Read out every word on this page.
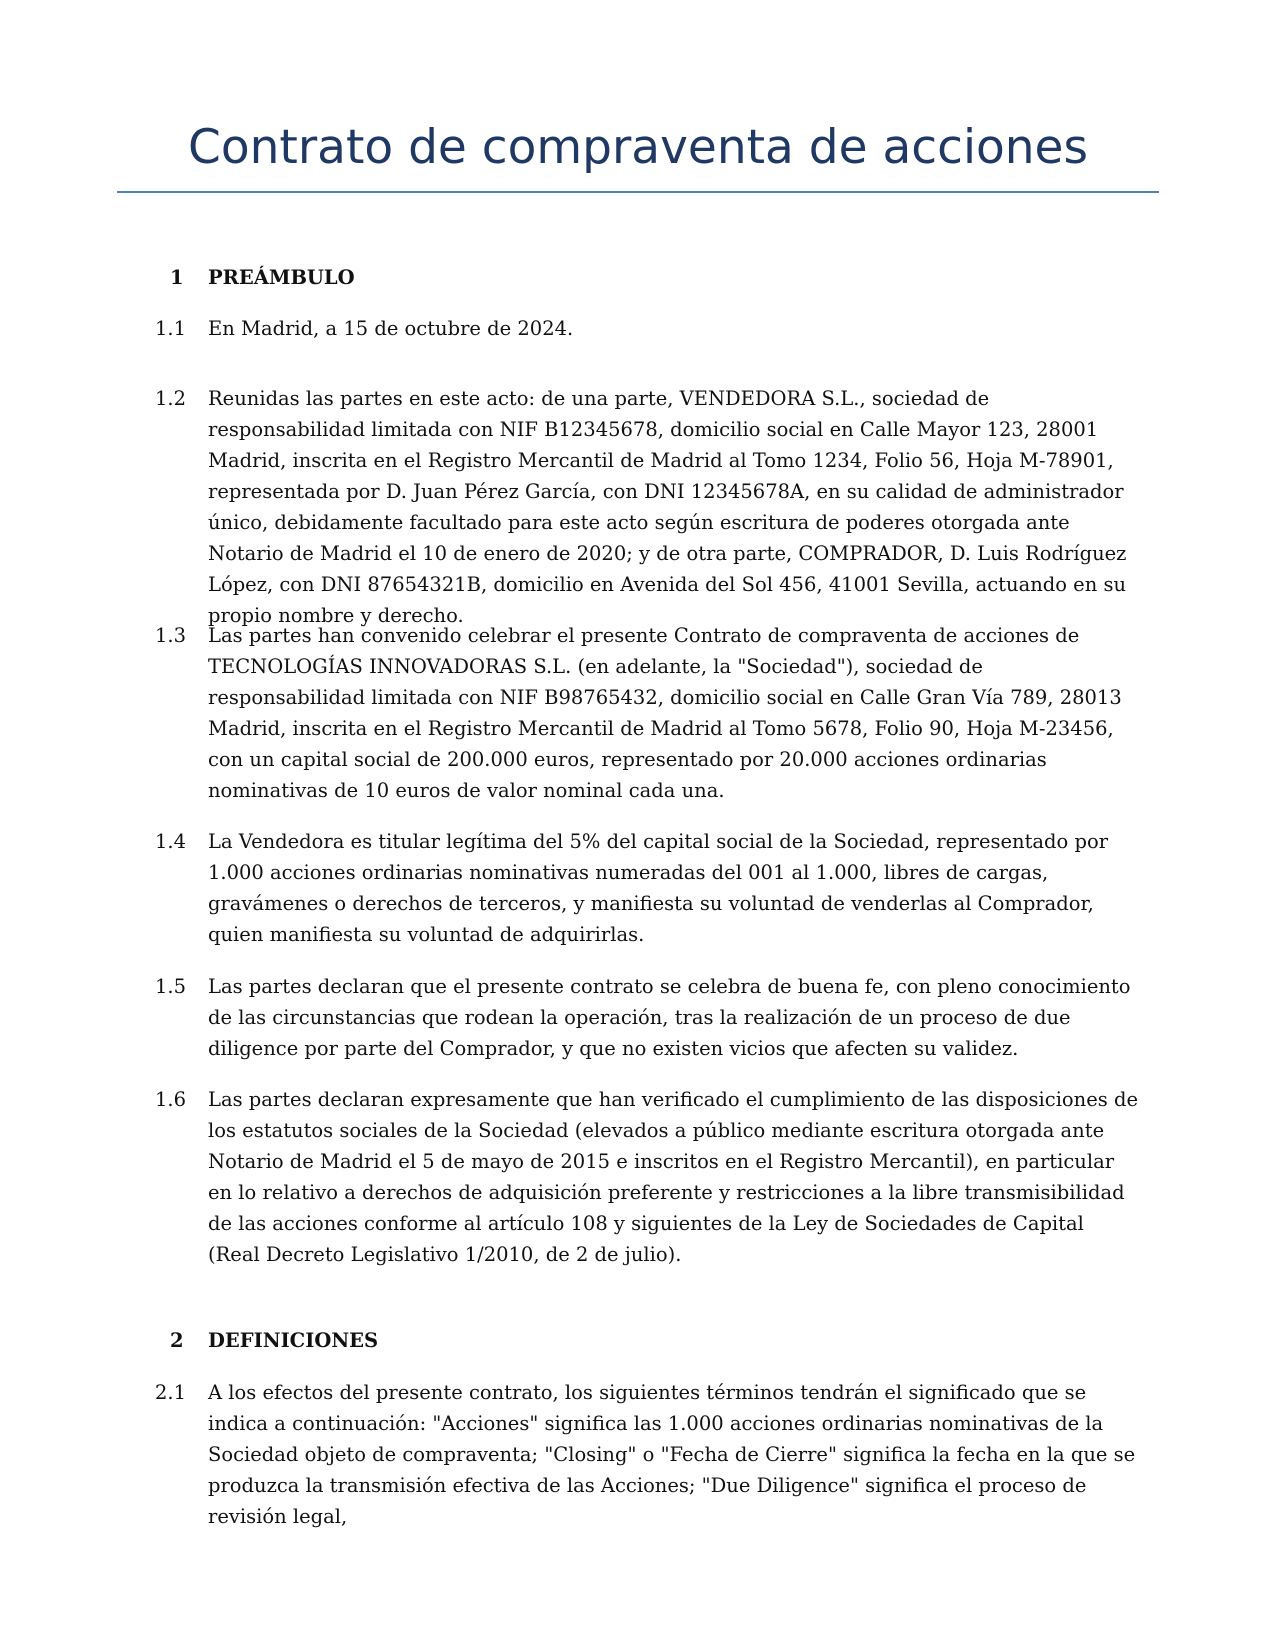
Contrato de compraventa de acciones
1	PREÁMBULO
1.1	En Madrid, a 15 de octubre de 2024.
1.2	Reunidas las partes en este acto: de una parte, VENDEDORA S.L., sociedad de responsabilidad limitada con NIF B12345678, domicilio social en Calle Mayor 123, 28001 Madrid, inscrita en el Registro Mercantil de Madrid al Tomo 1234, Folio 56, Hoja M-78901, representada por D. Juan Pérez García, con DNI 12345678A, en su calidad de administrador único, debidamente facultado para este acto según escritura de poderes otorgada ante Notario de Madrid el 10 de enero de 2020; y de otra parte, COMPRADOR, D. Luis Rodríguez López, con DNI 87654321B, domicilio en Avenida del Sol 456, 41001 Sevilla, actuando en su propio nombre y derecho.
1.3	Las partes han convenido celebrar el presente Contrato de compraventa de acciones de TECNOLOGÍAS INNOVADORAS S.L. (en adelante, la "Sociedad"), sociedad de responsabilidad limitada con NIF B98765432, domicilio social en Calle Gran Vía 789, 28013 Madrid, inscrita en el Registro Mercantil de Madrid al Tomo 5678, Folio 90, Hoja M-23456, con un capital social de 200.000 euros, representado por 20.000 acciones ordinarias nominativas de 10 euros de valor nominal cada una.
1.4	La Vendedora es titular legítima del 5% del capital social de la Sociedad, representado por 1.000 acciones ordinarias nominativas numeradas del 001 al 1.000, libres de cargas, gravámenes o derechos de terceros, y manifiesta su voluntad de venderlas al Comprador, quien manifiesta su voluntad de adquirirlas.
1.5	Las partes declaran que el presente contrato se celebra de buena fe, con pleno conocimiento de las circunstancias que rodean la operación, tras la realización de un proceso de due diligence por parte del Comprador, y que no existen vicios que afecten su validez.
1.6	Las partes declaran expresamente que han verificado el cumplimiento de las disposiciones de los estatutos sociales de la Sociedad (elevados a público mediante escritura otorgada ante Notario de Madrid el 5 de mayo de 2015 e inscritos en el Registro Mercantil), en particular en lo relativo a derechos de adquisición preferente y restricciones a la libre transmisibilidad de las acciones conforme al artículo 108 y siguientes de la Ley de Sociedades de Capital (Real Decreto Legislativo 1/2010, de 2 de julio).
2	DEFINICIONES
2.1	A los efectos del presente contrato, los siguientes términos tendrán el significado que se indica a continuación: "Acciones" significa las 1.000 acciones ordinarias nominativas de la Sociedad objeto de compraventa; "Closing" o "Fecha de Cierre" significa la fecha en la que se produzca la transmisión efectiva de las Acciones; "Due Diligence" significa el proceso de revisión legal,
